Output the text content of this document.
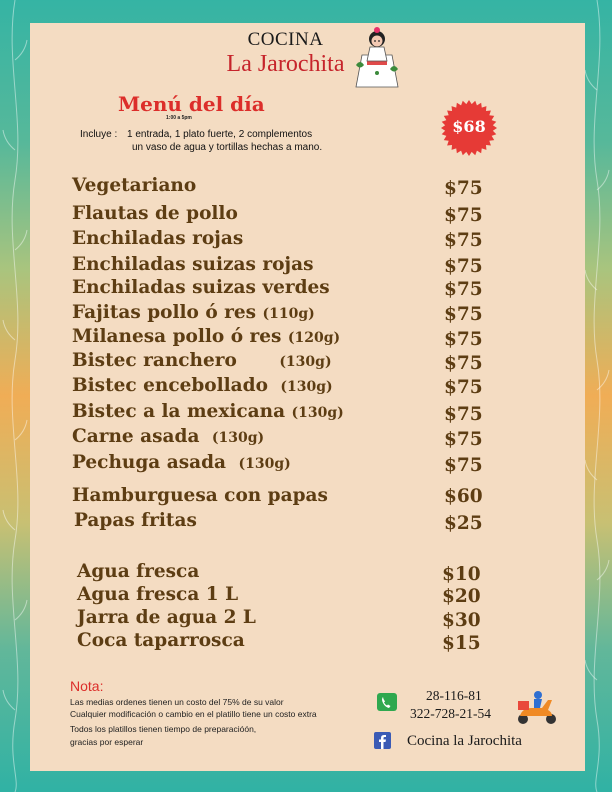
COCINA
La Jarochita
Menú del día
1:00 a 5pm
Incluye : 1 entrada, 1 plato fuerte, 2 complementos
un vaso de agua y tortillas hechas a mano.
$68
Vegetariano	$75
Flautas de pollo	$75
Enchiladas rojas	$75
Enchiladas suizas rojas	$75
Enchiladas suizas verdes	$75
Fajitas pollo ó res (110g)	$75
Milanesa pollo ó res (120g)	$75
Bistec ranchero	(130g)	$75
Bistec encebollado (130g)	$75
Bistec a la mexicana (130g)	$75
Carne asada (130g)	$75
Pechuga asada (130g)	$75
Hamburguesa con papas	$60
Papas fritas	$25
Agua fresca	$10
Agua fresca 1 L	$20
Jarra de agua 2 L	$30
Coca taparrosca	$15
Nota:
Las medias ordenes tienen un costo del 75% de su valor
Cualquier modificación o cambio en el platillo tiene un costo extra
Todos los platillos tienen tiempo de preparacióón,
gracias por esperar
28-116-81
322-728-21-54
Cocina la Jarochita
